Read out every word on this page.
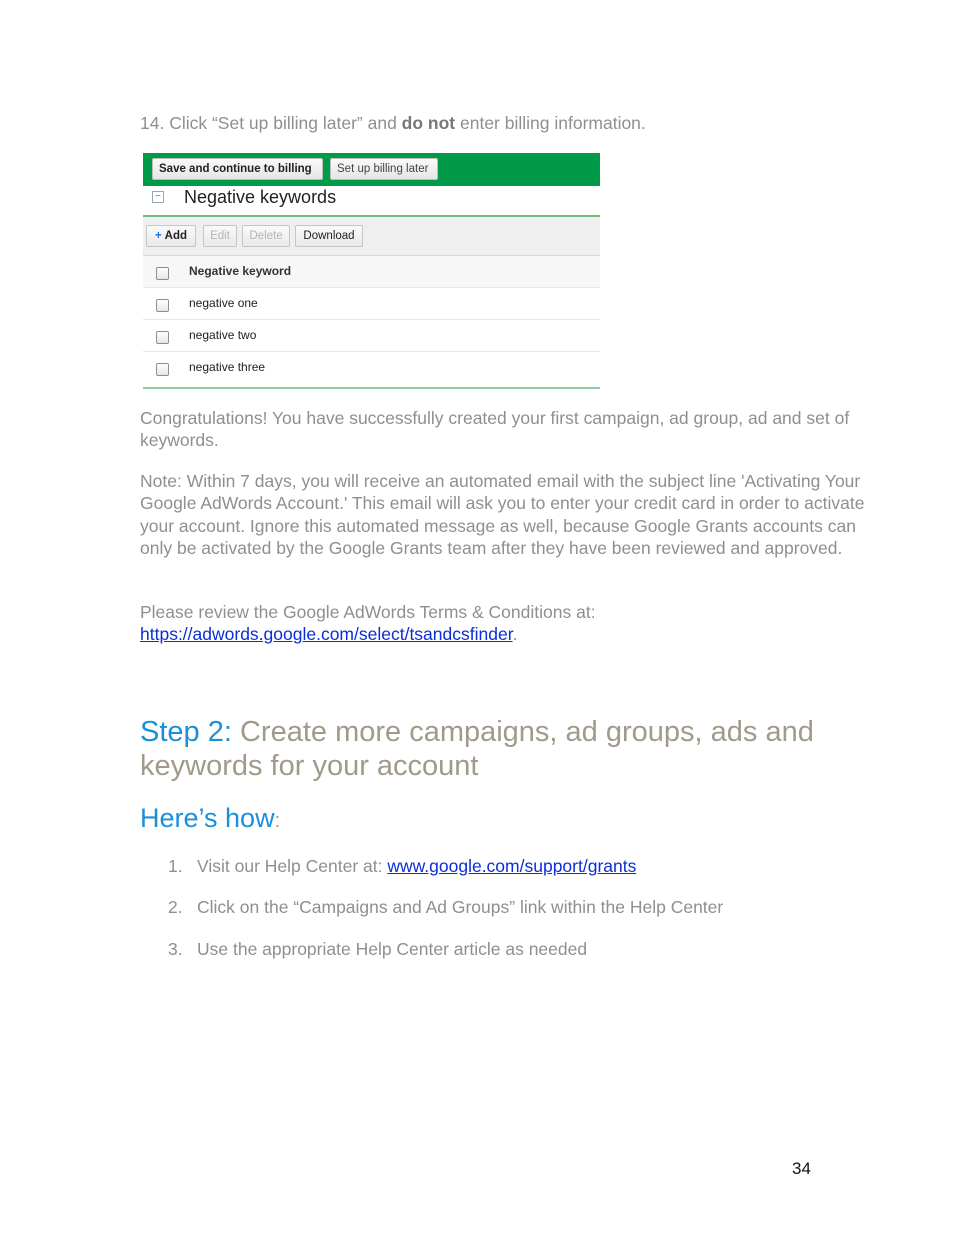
14. Click “Set up billing later” and do not enter billing information.
Save and continue to billing	Set up billing later
− Negative keywords
+ Add	Edit	Delete	Download
Negative keyword
negative one
negative two
negative three
Congratulations! You have successfully created your first campaign, ad group, ad and set of keywords.
Note: Within 7 days, you will receive an automated email with the subject line 'Activating Your Google AdWords Account.' This email will ask you to enter your credit card in order to activate your account. Ignore this automated message as well, because Google Grants accounts can only be activated by the Google Grants team after they have been reviewed and approved.
Please review the Google AdWords Terms & Conditions at:
https://adwords.google.com/select/tsandcsfinder.
Step 2: Create more campaigns, ad groups, ads and keywords for your account
Here’s how:
1. Visit our Help Center at: www.google.com/support/grants
2. Click on the “Campaigns and Ad Groups” link within the Help Center
3. Use the appropriate Help Center article as needed
34
